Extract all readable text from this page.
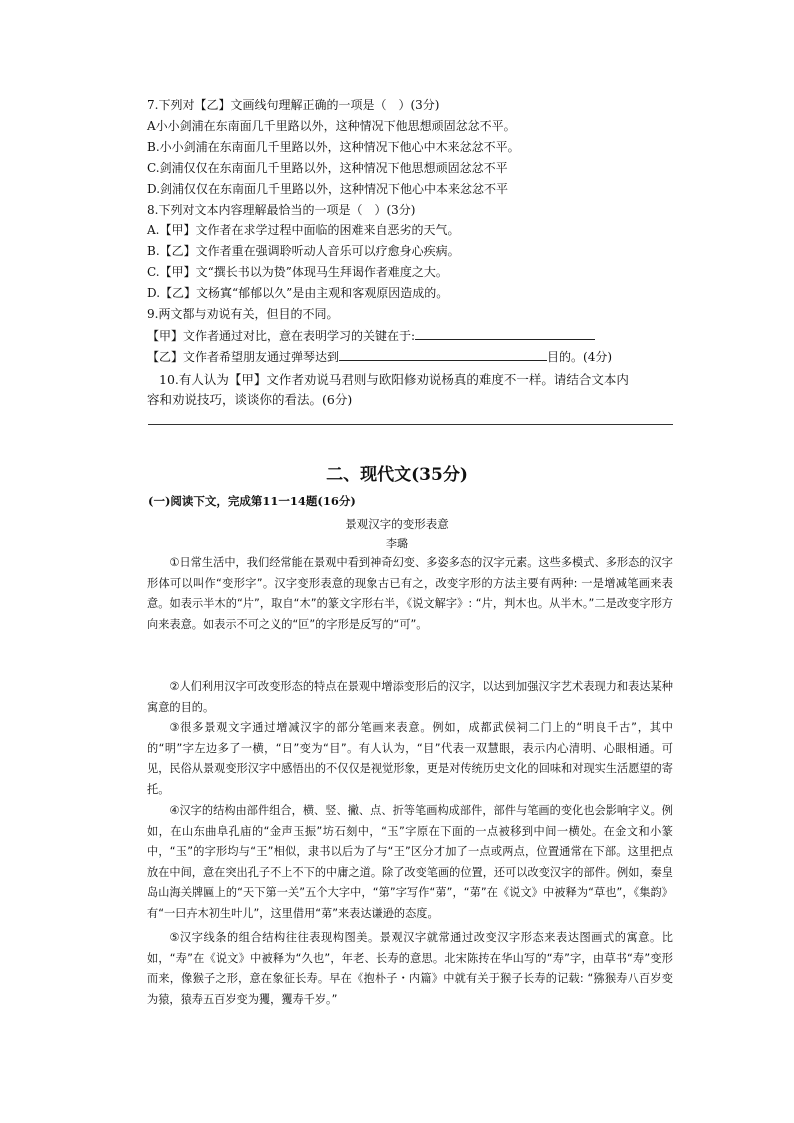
7.下列对【乙】文画线句理解正确的一项是（　）(3分)
A小小剑浦在东南面几千里路以外，这种情况下他思想顽固忿忿不平。
B.小小剑浦在东南面几千里路以外，这种情况下他心中木来忿忿不平。
C.剑浦仅仅在东南面几千里路以外，这种情况下他思想顽固忿忿不平
D.剑浦仅仅在东南面几千里路以外，这种情况下他心中本来忿忿不平
8.下列对文本内容理解最恰当的一项是（　）(3分)
A.【甲】文作者在求学过程中面临的困难来自恶劣的天气。
B.【乙】文作者重在强调聆听动人音乐可以疗愈身心疾病。
C.【甲】文“撰长书以为贽”体现马生拜谒作者难度之大。
D.【乙】文杨寘“郁郁以久”是由主观和客观原因造成的。
9.两文都与劝说有关，但目的不同。
【甲】文作者通过对比，意在表明学习的关键在于:
【乙】文作者希望朋友通过弹琴达到	目的。(4分)
10.有人认为【甲】文作者劝说马君则与欧阳修劝说杨真的难度不一样。请结合文本内
容和劝说技巧，谈谈你的看法。(6分)
二、现代文(35分)
(一)阅读下文，完成第11一14题(16分)
景观汉字的变形表意
李璐
①日常生活中，我们经常能在景观中看到神奇幻变、多姿多态的汉字元素。这些多模式、多形态的汉字形体可以叫作“变形字”。汉字变形表意的现象古已有之，改变字形的方法主要有两种: 一是增减笔画来表意。如表示半木的“片”，取自“木”的篆文字形右半，《说文解字》: “片，判木也。从半木。”二是改变字形方向来表意。如表示不可之义的“叵”的字形是反写的“可”。
②人们利用汉字可改变形态的特点在景观中增添变形后的汉字，以达到加强汉字艺术表现力和表达某种寓意的目的。
③很多景观文字通过增减汉字的部分笔画来表意。例如，成都武侯祠二门上的“明良千古”，其中的“明”字左边多了一横，“日”变为“目”。有人认为，“目”代表一双慧眼，表示内心清明、心眼相通。可见，民俗从景观变形汉字中感悟出的不仅仅是视觉形象，更是对传统历史文化的回味和对现实生活愿望的寄托。
④汉字的结构由部件组合，横、竖、撇、点、折等笔画构成部件，部件与笔画的变化也会影响字义。例如，在山东曲阜孔庙的“金声玉振”坊石刻中，“玉”字原在下面的一点被移到中间一横处。在金文和小篆中，“玉”的字形均与“王”相似，隶书以后为了与“王”区分才加了一点或两点，位置通常在下部。这里把点放在中间，意在突出孔子不上不下的中庸之道。除了改变笔画的位置，还可以改变汉字的部件。例如，秦皇岛山海关牌匾上的“天下第一关”五个大字中，“第”字写作“苐”，“苐”在《说文》中被释为“草也”，《集韵》有“一曰卉木初生叶儿”，这里借用“苐”来表达谦逊的态度。
⑤汉字线条的组合结构往往表现构图美。景观汉字就常通过改变汉字形态来表达图画式的寓意。比如，“寿”在《说文》中被释为“久也”，年老、长寿的意思。北宋陈抟在华山写的“寿”字，由草书“寿”变形而来，像猴子之形，意在象征长寿。早在《抱朴子・内篇》中就有关于猴子长寿的记载: “猕猴寿八百岁变为猿，猿寿五百岁变为玃，玃寿千岁。”
